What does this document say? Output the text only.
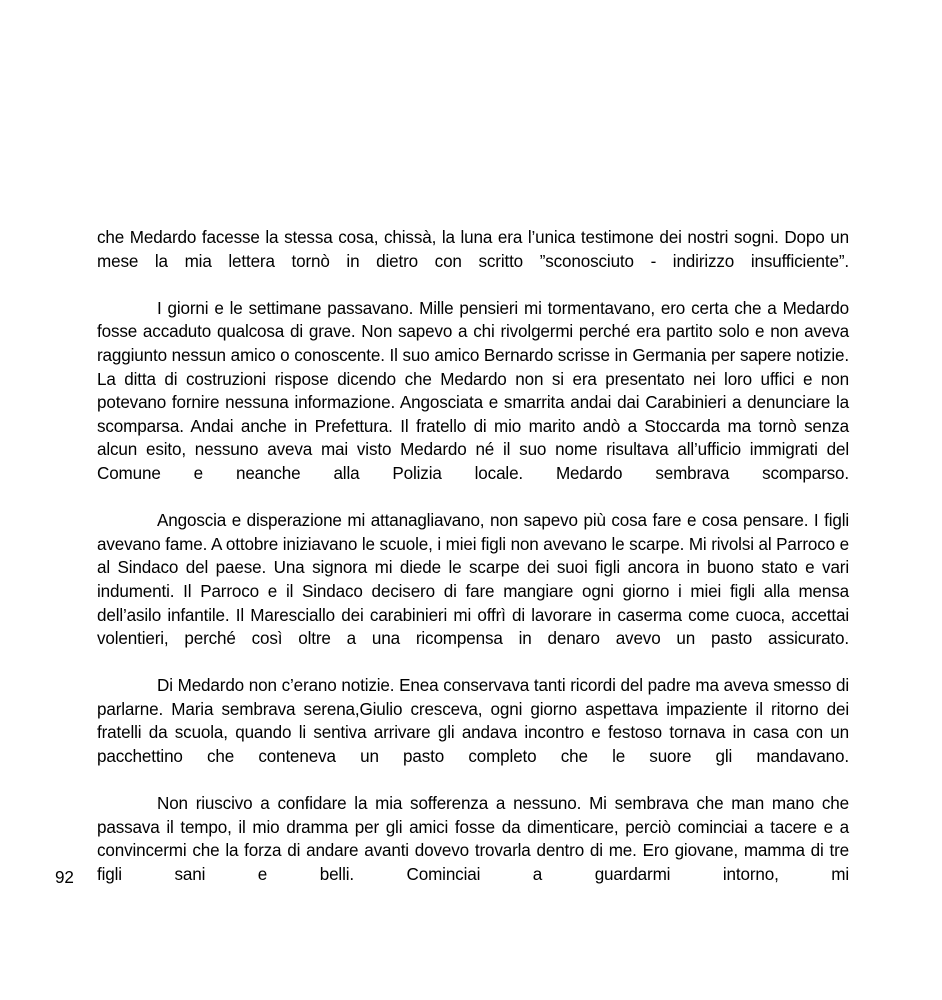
che Medardo facesse la stessa cosa, chissà, la luna era l’unica testimone dei nostri sogni. Dopo un mese la mia lettera tornò in dietro con scritto ”sconosciuto - indirizzo insufficiente”.

I giorni e le settimane passavano. Mille pensieri mi tormentavano, ero certa che a Medardo fosse accaduto qualcosa di grave. Non sapevo a chi rivolgermi perché era partito solo e non aveva raggiunto nessun amico o conoscente. Il suo amico Bernardo scrisse in Germania per sapere notizie. La ditta di costruzioni rispose dicendo che Medardo non si era presentato nei loro uffici e non potevano fornire nessuna informazione. Angosciata e smarrita andai dai Carabinieri a denunciare la scomparsa. Andai anche in Prefettura. Il fratello di mio marito andò a Stoccarda ma tornò senza alcun esito, nessuno aveva mai visto Medardo né il suo nome risultava all’ufficio immigrati del Comune e neanche alla Polizia locale. Medardo sembrava scomparso.

Angoscia e disperazione mi attanagliavano, non sapevo più cosa fare e cosa pensare. I figli avevano fame. A ottobre iniziavano le scuole, i miei figli non avevano le scarpe. Mi rivolsi al Parroco e al Sindaco del paese. Una signora mi diede le scarpe dei suoi figli ancora in buono stato e vari indumenti. Il Parroco e il Sindaco decisero di fare mangiare ogni giorno i miei figli alla mensa dell’asilo infantile. Il Maresciallo dei carabinieri mi offrì di lavorare in caserma come cuoca, accettai volentieri, perché così oltre a una ricompensa in denaro avevo un pasto assicurato.

Di Medardo non c’erano notizie. Enea conservava tanti ricordi del padre ma aveva smesso di parlarne. Maria sembrava serena,Giulio cresceva, ogni giorno aspettava impaziente il ritorno dei fratelli da scuola, quando li sentiva arrivare gli andava incontro e festoso tornava in casa con un pacchettino che conteneva un pasto completo che le suore gli mandavano.

Non riuscivo a confidare la mia sofferenza a nessuno. Mi sembrava che man mano che passava il tempo, il mio dramma per gli amici fosse da dimenticare, perciò cominciai a tacere e a convincermi che la forza di andare avanti dovevo trovarla dentro di me. Ero giovane, mamma di tre figli sani e belli. Cominciai a guardarmi intorno, mi

92
